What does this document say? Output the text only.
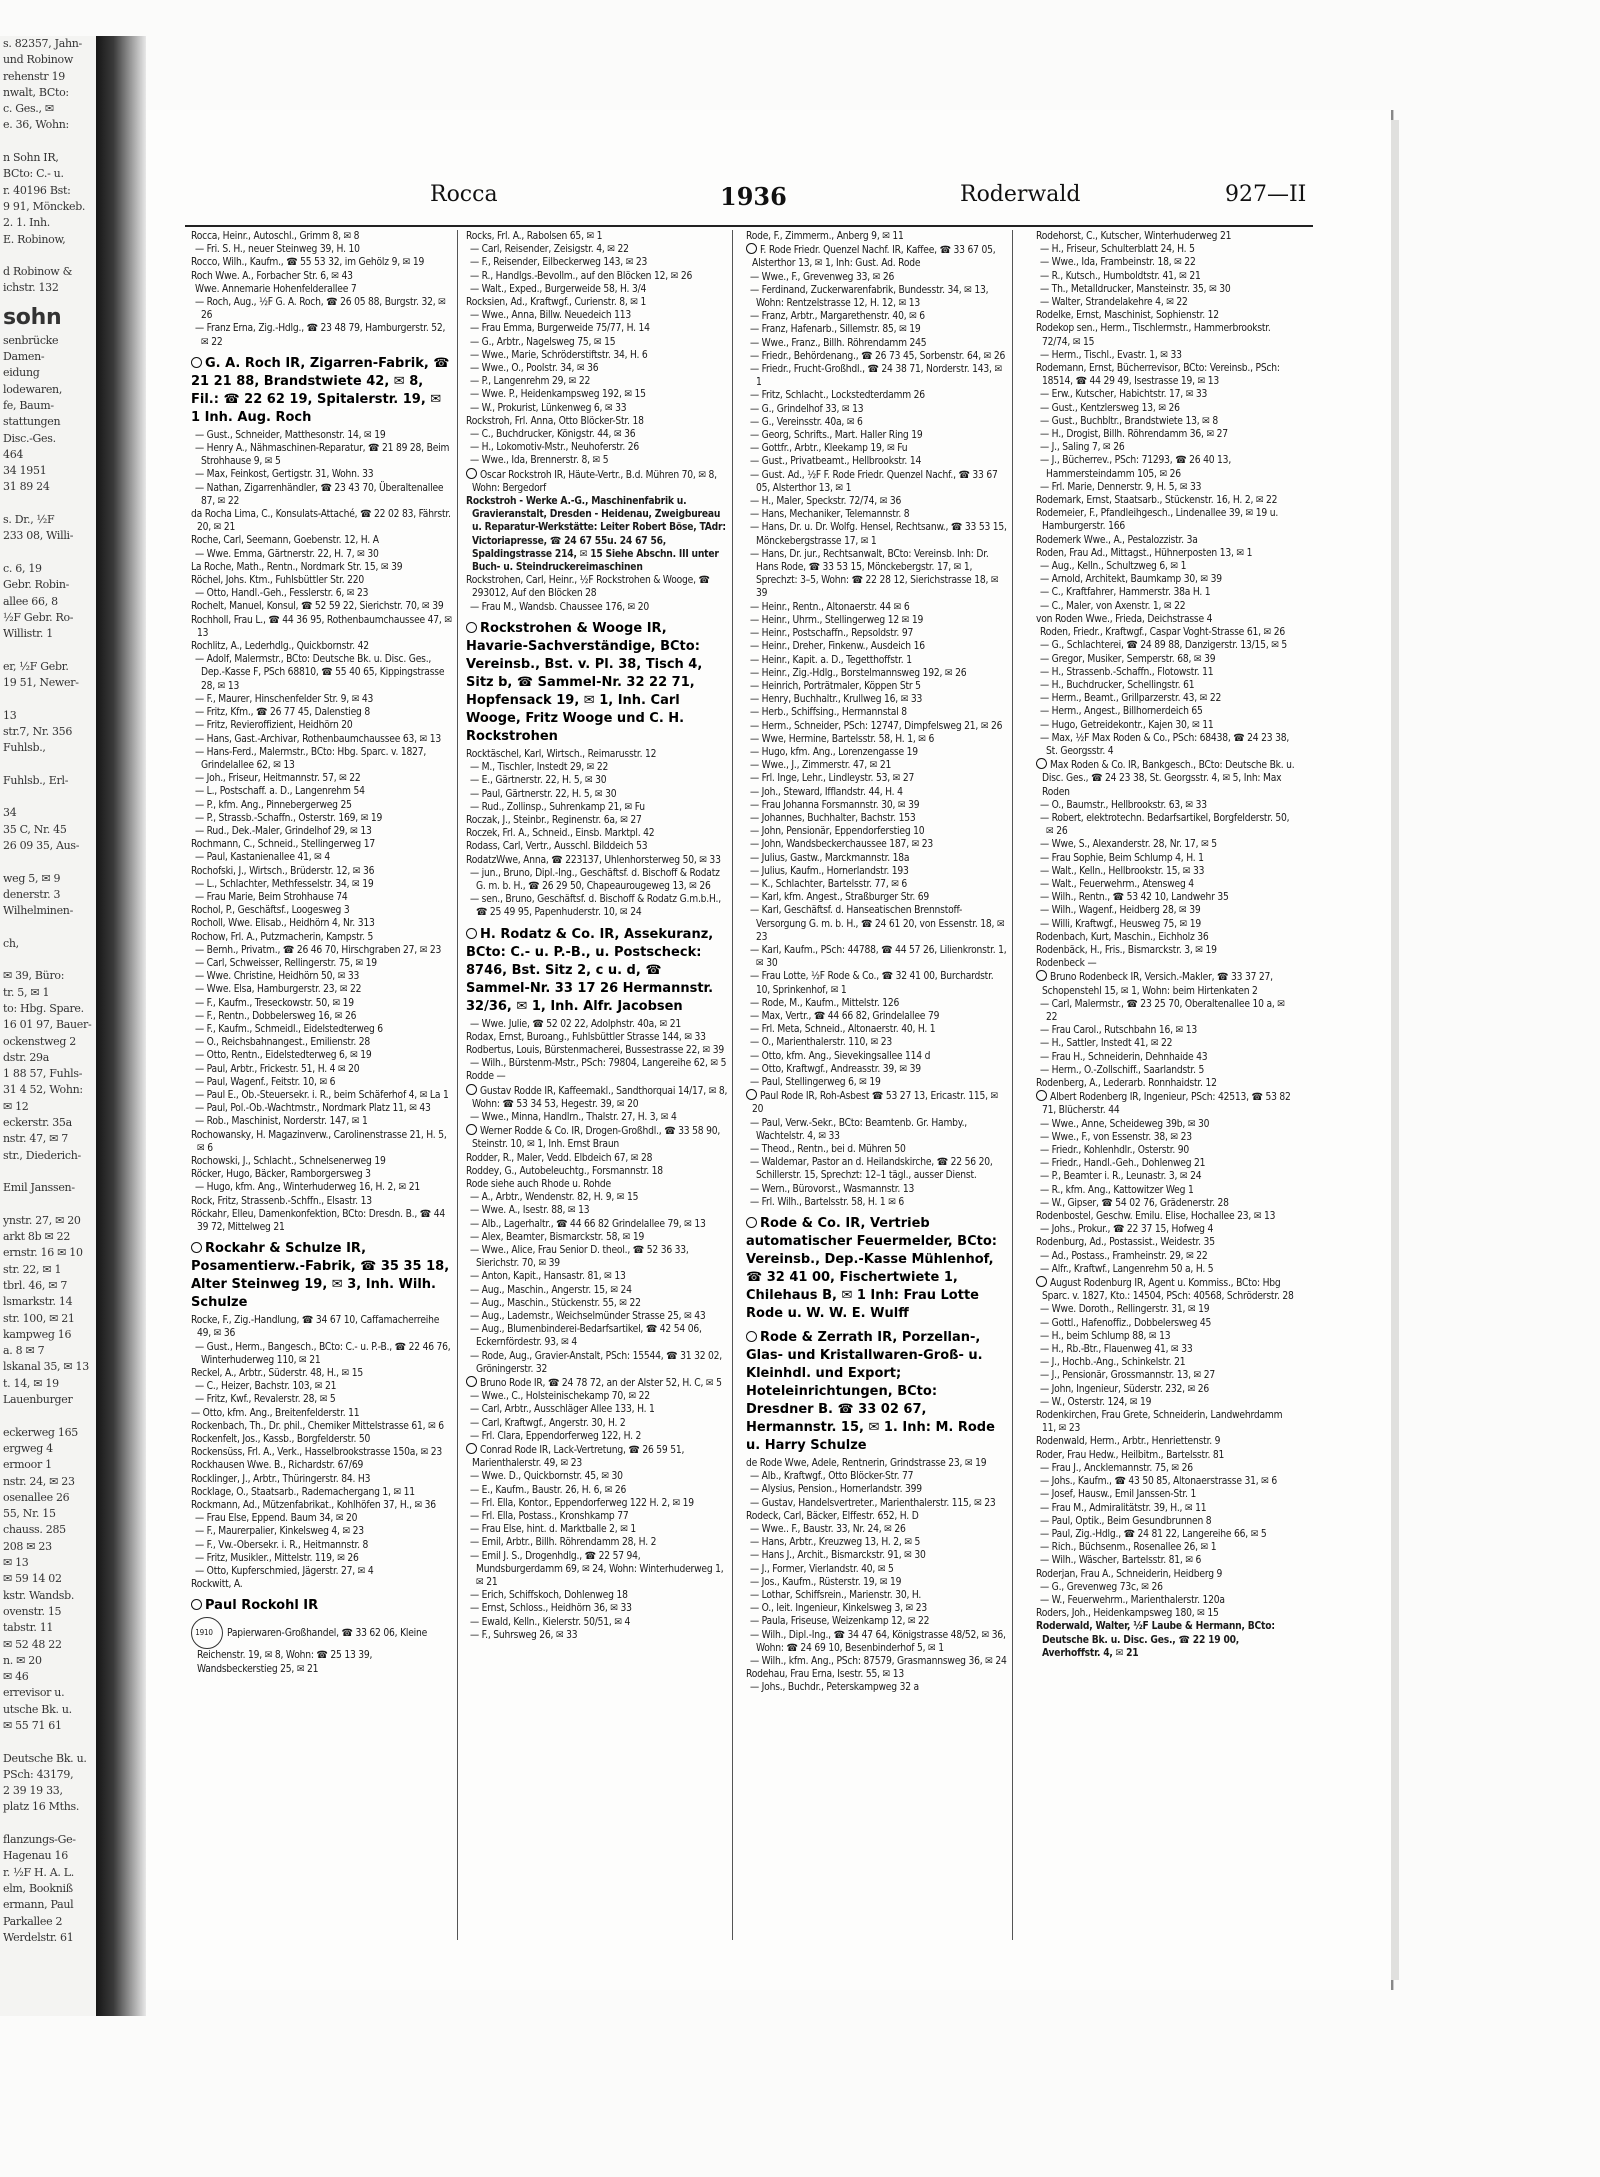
s. 82357, Jahn-
und Robinow
rehenstr 19
nwalt, BCto:
c. Ges., ✉
e. 36, Wohn:

n Sohn IR,
BCto: C.- u.
r. 40196 Bst:
9 91, Mönckeb.
2. 1. Inh.
E. Robinow,

d Robinow &
ichstr. 132
sohn
senbrücke
Damen-
eidung
lodewaren,
fe, Baum-
stattungen
Disc.-Ges.
464
34 1951
31 89 24

s. Dr., ½F
233 08, Willi-

c. 6, 19
Gebr. Robin-
allee 66, 8
½F Gebr. Ro-
Willistr. 1

er, ½F Gebr.
19 51, Newer-

13
str.7, Nr. 356
Fuhlsb.,

Fuhlsb., Erl-

34
35 C, Nr. 45
26 09 35, Aus-

weg 5, ✉ 9
denerstr. 3
Wilhelminen-

ch,

✉ 39, Büro:
tr. 5, ✉ 1
to: Hbg. Spare.
16 01 97, Bauer-
ockenstweg 2
dstr. 29a
1 88 57, Fuhls-
31 4 52, Wohn:
✉ 12
eckerstr. 35a
nstr. 47, ✉ 7
str., Diederich-

Emil Janssen-

ynstr. 27, ✉ 20
arkt 8b ✉ 22
ernstr. 16 ✉ 10
str. 22, ✉ 1
tbrl. 46, ✉ 7
lsmarkstr. 14
str. 100, ✉ 21
kampweg 16
a. 8 ✉ 7
lskanal 35, ✉ 13
t. 14, ✉ 19
Lauenburger

eckerweg 165
ergweg 4
ermoor 1
nstr. 24, ✉ 23
osenallee 26
55, Nr. 15
chauss. 285
208 ✉ 23
✉ 13
✉ 59 14 02
kstr. Wandsb.
ovenstr. 15
tabstr. 11
✉ 52 48 22
n. ✉ 20
✉ 46
errevisor u.
utsche Bk. u.
✉ 55 71 61

Deutsche Bk. u.
PSch: 43179,
2 39 19 33,
platz 16 Mths.

flanzungs-Ge-
Hagenau 16
r. ½F H. A. L.
elm, Bookniß
ermann, Paul
Parkallee 2
Werdelstr. 61
Rocca	1936	Roderwald	927—II
Rocca, Heinr., Autoschl., Grimm 8, ✉ 8
— Fri. S. H., neuer Steinweg 39, H. 10
Rocco, Wilh., Kaufm., ☎ 55 53 32, im Gehölz 9, ✉ 19
Roch Wwe. A., Forbacher Str. 6, ✉ 43
Wwe. Annemarie Hohenfelderallee 7
— Roch, Aug., ½F G. A. Roch, ☎ 26 05 88, Burgstr. 32, ✉ 26
— Franz Erna, Zig.-Hdlg., ☎ 23 48 79, Hamburgerstr. 52, ✉ 22
G. A. Roch IR, Zigarren-Fabrik, ☎ 21 21 88, Brandstwiete 42, ✉ 8, Fil.: ☎ 22 62 19, Spitalerstr. 19, ✉ 1 Inh. Aug. Roch
— Gust., Schneider, Matthesonstr. 14, ✉ 19
— Henry A., Nähmaschinen-Reparatur, ☎ 21 89 28, Beim Strohhause 9, ✉ 5
— Max, Feinkost, Gertigstr. 31, Wohn. 33
— Nathan, Zigarrenhändler, ☎ 23 43 70, Überaltenallee 87, ✉ 22
da Rocha Lima, C., Konsulats-Attaché, ☎ 22 02 83, Fährstr. 20, ✉ 21
Roche, Carl, Seemann, Goebenstr. 12, H. A
— Wwe. Emma, Gärtnerstr. 22, H. 7, ✉ 30
La Roche, Math., Rentn., Nordmark Str. 15, ✉ 39
Röchel, Johs. Ktm., Fuhlsbüttler Str. 220
— Otto, Handl.-Geh., Fesslerstr. 6, ✉ 23
Rochelt, Manuel, Konsul, ☎ 52 59 22, Sierichstr. 70, ✉ 39
Rochholl, Frau L., ☎ 44 36 95, Rothenbaumchaussee 47, ✉ 13
Rochlitz, A., Lederhdlg., Quickbornstr. 42
— Adolf, Malermstr., BCto: Deutsche Bk. u. Disc. Ges., Dep.-Kasse F, PSch 68810, ☎ 55 40 65, Kippingstrasse 28, ✉ 13
— F., Maurer, Hinschenfelder Str. 9, ✉ 43
— Fritz, Kfm., ☎ 26 77 45, Dalenstieg 8
— Fritz, Revieroffizient, Heidhörn 20
— Hans, Gast.-Archivar, Rothenbaumchaussee 63, ✉ 13
— Hans-Ferd., Malermstr., BCto: Hbg. Sparc. v. 1827, Grindelallee 62, ✉ 13
— Joh., Friseur, Heitmannstr. 57, ✉ 22
— L., Postschaff. a. D., Langenrehm 54
— P., kfm. Ang., Pinnebergerweg 25
— P., Strassb.-Schaffn., Osterstr. 169, ✉ 19
— Rud., Dek.-Maler, Grindelhof 29, ✉ 13
Rochmann, C., Schneid., Stellingerweg 17
— Paul, Kastanienallee 41, ✉ 4
Rochofski, J., Wirtsch., Brüderstr. 12, ✉ 36
— L., Schlachter, Methfesselstr. 34, ✉ 19
— Frau Marie, Beim Strohhause 74
Rochol, P., Geschäftsf., Loogesweg 3
Rocholl, Wwe. Elisab., Heidhörn 4, Nr. 313
Rochow, Frl. A., Putzmacherin, Kampstr. 5
— Bernh., Privatm., ☎ 26 46 70, Hirschgraben 27, ✉ 23
— Carl, Schweisser, Rellingerstr. 75, ✉ 19
— Wwe. Christine, Heidhörn 50, ✉ 33
— Wwe. Elsa, Hamburgerstr. 23, ✉ 22
— F., Kaufm., Treseckowstr. 50, ✉ 19
— F., Rentn., Dobbelersweg 16, ✉ 26
— F., Kaufm., Schmeidl., Eidelstedterweg 6
— O., Reichsbahnangest., Emilienstr. 28
— Otto, Rentn., Eidelstedterweg 6, ✉ 19
— Paul, Arbtr., Frickestr. 51, H. 4 ✉ 20
— Paul, Wagenf., Feitstr. 10, ✉ 6
— Paul E., Ob.-Steuersekr. i. R., beim Schäferhof 4, ✉ La 1
— Paul, Pol.-Ob.-Wachtmstr., Nordmark Platz 11, ✉ 43
— Rob., Maschinist, Norderstr. 147, ✉ 1
Rochowansky, H. Magazinverw., Carolinenstrasse 21, H. 5, ✉ 6
Rochowski, J., Schlacht., Schnelsenerweg 19
Röcker, Hugo, Bäcker, Ramborgersweg 3
— Hugo, kfm. Ang., Winterhuderweg 16, H. 2, ✉ 21
Rock, Fritz, Strassenb.-Schffn., Elsastr. 13
Röckahr, Elleu, Damenkonfektion, BCto: Dresdn. B., ☎ 44 39 72, Mittelweg 21
Rockahr & Schulze IR, Posamentierw.-Fabrik, ☎ 35 35 18, Alter Steinweg 19, ✉ 3, Inh. Wilh. Schulze
Rocke, F., Zig.-Handlung, ☎ 34 67 10, Caffamacherreihe 49, ✉ 36
— Gust., Herm., Bangesch., BCto: C.- u. P.-B., ☎ 22 46 76, Winterhuderweg 110, ✉ 21
Reckel, A., Arbtr., Süderstr. 48, H., ✉ 15
— C., Heizer, Bachstr. 103, ✉ 21
— Fritz, Kwf., Revalerstr. 28, ✉ 5
— Otto, kfm. Ang., Breitenfelderstr. 11
Rockenbach, Th., Dr. phil., Chemiker Mittelstrasse 61, ✉ 6
Rockenfelt, Jos., Kassb., Borgfelderstr. 50
Rockensüss, Frl. A., Verk., Hasselbrookstrasse 150a, ✉ 23
Rockhausen Wwe. B., Richardstr. 67/69
Rocklinger, J., Arbtr., Thüringerstr. 84. H3
Rocklage, O., Staatsarb., Rademachergang 1, ✉ 11
Rockmann, Ad., Mützenfabrikat., Kohlhöfen 37, H., ✉ 36
— Frau Else, Eppend. Baum 34, ✉ 20
— F., Maurerpalier, Kinkelsweg 4, ✉ 23
— F., Vw.-Obersekr. i. R., Heitmannstr. 8
— Fritz, Musikler., Mittelstr. 119, ✉ 26
— Otto, Kupferschmied, Jägerstr. 27, ✉ 4
Rockwitt, A.
Paul Rockohl IR
1910 Papierwaren-Großhandel, ☎ 33 62 06, Kleine Reichenstr. 19, ✉ 8, Wohn: ☎ 25 13 39, Wandsbeckerstieg 25, ✉ 21
Rocks, Frl. A., Rabolsen 65, ✉ 1
— Carl, Reisender, Zeisigstr. 4, ✉ 22
— F., Reisender, Eilbeckerweg 143, ✉ 23
— R., Handlgs.-Bevollm., auf den Blöcken 12, ✉ 26
— Walt., Exped., Burgerweide 58, H. 3/4
Rocksien, Ad., Kraftwgf., Curienstr. 8, ✉ 1
— Wwe., Anna, Billw. Neuedeich 113
— Frau Emma, Burgerweide 75/77, H. 14
— G., Arbtr., Nagelsweg 75, ✉ 15
— Wwe., Marie, Schröderstiftstr. 34, H. 6
— Wwe., O., Poolstr. 34, ✉ 36
— P., Langenrehm 29, ✉ 22
— Wwe. P., Heidenkampsweg 192, ✉ 15
— W., Prokurist, Lünkenweg 6, ✉ 33
Rockstroh, Frl. Anna, Otto Blöcker-Str. 18
— C., Buchdrucker, Königstr. 44, ✉ 36
— H., Lokomotiv-Mstr., Neuhoferstr. 26
— Wwe., Ida, Brennerstr. 8, ✉ 5
Oscar Rockstroh IR, Häute-Vertr., B.d. Mühren 70, ✉ 8, Wohn: Bergedorf
Rockstroh - Werke A.-G., Maschinenfabrik u. Gravieranstalt, Dresden - Heidenau, Zweigbureau u. Reparatur-Werkstätte: Leiter Robert Böse, TAdr: Victoriapresse, ☎ 24 67 55u. 24 67 56, Spaldingstrasse 214, ✉ 15 Siehe Abschn. III unter Buch- u. Steindruckereimaschinen
Rockstrohen, Carl, Heinr., ½F Rockstrohen & Wooge, ☎ 293012, Auf den Blöcken 28
— Frau M., Wandsb. Chaussee 176, ✉ 20
Rockstrohen & Wooge IR, Havarie-Sachverständige, BCto: Vereinsb., Bst. v. Pl. 38, Tisch 4, Sitz b, ☎ Sammel-Nr. 32 22 71, Hopfensack 19, ✉ 1, Inh. Carl Wooge, Fritz Wooge und C. H. Rockstrohen
Rocktäschel, Karl, Wirtsch., Reimarusstr. 12
— M., Tischler, Instedt 29, ✉ 22
— E., Gärtnerstr. 22, H. 5, ✉ 30
— Paul, Gärtnerstr. 22, H. 5, ✉ 30
— Rud., Zollinsp., Suhrenkamp 21, ✉ Fu
Roczak, J., Steinbr., Reginenstr. 6a, ✉ 27
Roczek, Frl. A., Schneid., Einsb. Marktpl. 42
Rodass, Carl, Vertr., Ausschl. Bilddeich 53
RodatzWwe, Anna, ☎ 223137, Uhlenhorsterweg 50, ✉ 33
— jun., Bruno, Dipl.-Ing., Geschäftsf. d. Bischoff & Rodatz G. m. b. H., ☎ 26 29 50, Chapeaurougeweg 13, ✉ 26
— sen., Bruno, Geschäftsf. d. Bischoff & Rodatz G.m.b.H., ☎ 25 49 95, Papenhuderstr. 10, ✉ 24
H. Rodatz & Co. IR, Assekuranz, BCto: C.- u. P.-B., u. Postscheck: 8746, Bst. Sitz 2, c u. d, ☎ Sammel-Nr. 33 17 26 Hermannstr. 32/36, ✉ 1, Inh. Alfr. Jacobsen
— Wwe. Julie, ☎ 52 02 22, Adolphstr. 40a, ✉ 21
Rodax, Ernst, Buroang., Fuhlsbüttler Strasse 144, ✉ 33
Rodbertus, Louis, Bürstenmacherei, Bussestrasse 22, ✉ 39
— Wilh., Bürstenm-Mstr., PSch: 79804, Langereihe 62, ✉ 5
Rodde —
Gustav Rodde IR, Kaffeemakl., Sandthorquai 14/17, ✉ 8, Wohn: ☎ 53 34 53, Hegestr. 39, ✉ 20
— Wwe., Minna, Handlrn., Thalstr. 27, H. 3, ✉ 4
Werner Rodde & Co. IR, Drogen-Großhdl., ☎ 33 58 90, Steinstr. 10, ✉ 1, Inh. Ernst Braun
Rodder, R., Maler, Vedd. Elbdeich 67, ✉ 28
Roddey, G., Autobeleuchtg., Forsmannstr. 18
Rode siehe auch Rhode u. Rohde
— A., Arbtr., Wendenstr. 82, H. 9, ✉ 15
— Wwe. A., Isestr. 88, ✉ 13
— Alb., Lagerhaltr., ☎ 44 66 82 Grindelallee 79, ✉ 13
— Alex, Beamter, Bismarckstr. 58, ✉ 19
— Wwe., Alice, Frau Senior D. theol., ☎ 52 36 33, Sierichstr. 70, ✉ 39
— Anton, Kapit., Hansastr. 81, ✉ 13
— Aug., Maschin., Angerstr. 15, ✉ 24
— Aug., Maschin., Stückenstr. 55, ✉ 22
— Aug., Lademstr., Weichselmünder Strasse 25, ✉ 43
— Aug., Blumenbinderei-Bedarfsartikel, ☎ 42 54 06, Eckernfördestr. 93, ✉ 4
— Rode, Aug., Gravier-Anstalt, PSch: 15544, ☎ 31 32 02, Gröningerstr. 32
Bruno Rode IR, ☎ 24 78 72, an der Alster 52, H. C, ✉ 5
— Wwe., C., Holsteinischekamp 70, ✉ 22
— Carl, Arbtr., Ausschläger Allee 133, H. 1
— Carl, Kraftwgf., Angerstr. 30, H. 2
— Frl. Clara, Eppendorferweg 122, H. 2
Conrad Rode IR, Lack-Vertretung, ☎ 26 59 51, Marienthalerstr. 49, ✉ 23
— Wwe. D., Quickbornstr. 45, ✉ 30
— E., Kaufm., Baustr. 26, H. 6, ✉ 26
— Frl. Ella, Kontor., Eppendorferweg 122 H. 2, ✉ 19
— Frl. Ella, Postass., Kronshkamp 77
— Frau Else, hint. d. Marktballe 2, ✉ 1
— Emil, Arbtr., Billh. Röhrendamm 28, H. 2
— Emil J. S., Drogenhdlg., ☎ 22 57 94, Mundsburgerdamm 69, ✉ 24, Wohn: Winterhuderweg 1, ✉ 21
— Erich, Schiffskoch, Dohlenweg 18
— Ernst, Schloss., Heidhörn 36, ✉ 33
— Ewald, Kelln., Kielerstr. 50/51, ✉ 4
— F., Suhrsweg 26, ✉ 33
Rode, F., Zimmerm., Anberg 9, ✉ 11
F. Rode Friedr. Quenzel Nachf. IR, Kaffee, ☎ 33 67 05, Alsterthor 13, ✉ 1, Inh: Gust. Ad. Rode
— Wwe., F., Grevenweg 33, ✉ 26
— Ferdinand, Zuckerwarenfabrik, Bundesstr. 34, ✉ 13, Wohn: Rentzelstrasse 12, H. 12, ✉ 13
— Franz, Arbtr., Margarethenstr. 40, ✉ 6
— Franz, Hafenarb., Sillemstr. 85, ✉ 19
— Wwe., Franz., Billh. Röhrendamm 245
— Friedr., Behördenang., ☎ 26 73 45, Sorbenstr. 64, ✉ 26
— Friedr., Frucht-Großhdl., ☎ 24 38 71, Norderstr. 143, ✉ 1
— Fritz, Schlacht., Lockstedterdamm 26
— G., Grindelhof 33, ✉ 13
— G., Vereinsstr. 40a, ✉ 6
— Georg, Schrifts., Mart. Haller Ring 19
— Gottfr., Arbtr., Kleekamp 19, ✉ Fu
— Gust., Privatbeamt., Hellbrookstr. 14
— Gust. Ad., ½F F. Rode Friedr. Quenzel Nachf., ☎ 33 67 05, Alsterthor 13, ✉ 1
— H., Maler, Speckstr. 72/74, ✉ 36
— Hans, Mechaniker, Telemannstr. 8
— Hans, Dr. u. Dr. Wolfg. Hensel, Rechtsanw., ☎ 33 53 15, Mönckebergstrasse 17, ✉ 1
— Hans, Dr. jur., Rechtsanwalt, BCto: Vereinsb. Inh: Dr. Hans Rode, ☎ 33 53 15, Mönckebergstr. 17, ✉ 1, Sprechzt: 3–5, Wohn: ☎ 22 28 12, Sierichstrasse 18, ✉ 39
— Heinr., Rentn., Altonaerstr. 44 ✉ 6
— Heinr., Uhrm., Stellingerweg 12 ✉ 19
— Heinr., Postschaffn., Repsoldstr. 97
— Heinr., Dreher, Finkenw., Ausdeich 16
— Heinr., Kapit. a. D., Tegetthoffstr. 1
— Heinr., Zig.-Hdlg., Borstelmannsweg 192, ✉ 26
— Heinrich, Porträtmaler, Köppen Str 5
— Henry, Buchhaltr., Krullweg 16, ✉ 33
— Herb., Schiffsing., Hermannstal 8
— Herm., Schneider, PSch: 12747, Dimpfelsweg 21, ✉ 26
— Wwe, Hermine, Bartelsstr. 58, H. 1, ✉ 6
— Hugo, kfm. Ang., Lorenzengasse 19
— Wwe., J., Zimmerstr. 47, ✉ 21
— Frl. Inge, Lehr., Lindleystr. 53, ✉ 27
— Joh., Steward, Ifflandstr. 44, H. 4
— Frau Johanna Forsmannstr. 30, ✉ 39
— Johannes, Buchhalter, Bachstr. 153
— John, Pensionär, Eppendorferstieg 10
— John, Wandsbeckerchaussee 187, ✉ 23
— Julius, Gastw., Marckmannstr. 18a
— Julius, Kaufm., Hornerlandstr. 193
— K., Schlachter, Bartelsstr. 77, ✉ 6
— Karl, kfm. Angest., Straßburger Str. 69
— Karl, Geschäftsf. d. Hanseatischen Brennstoff-Versorgung G. m. b. H., ☎ 24 61 20, von Essenstr. 18, ✉ 23
— Karl, Kaufm., PSch: 44788, ☎ 44 57 26, Lilienkronstr. 1, ✉ 30
— Frau Lotte, ½F Rode & Co., ☎ 32 41 00, Burchardstr. 10, Sprinkenhof, ✉ 1
— Rode, M., Kaufm., Mittelstr. 126
— Max, Vertr., ☎ 44 66 82, Grindelallee 79
— Frl. Meta, Schneid., Altonaerstr. 40, H. 1
— O., Marienthalerstr. 110, ✉ 23
— Otto, kfm. Ang., Sievekingsallee 114 d
— Otto, Kraftwgf., Andreasstr. 39, ✉ 39
— Paul, Stellingerweg 6, ✉ 19
Paul Rode IR, Roh-Asbest ☎ 53 27 13, Ericastr. 115, ✉ 20
— Paul, Verw.-Sekr., BCto: Beamtenb. Gr. Hamby., Wachtelstr. 4, ✉ 33
— Theod., Rentn., bei d. Mühren 50
— Waldemar, Pastor an d. Heilandskirche, ☎ 22 56 20, Schillerstr. 15, Sprechzt: 12–1 tägl., ausser Dienst.
— Wern., Bürovorst., Wasmannstr. 13
— Frl. Wilh., Bartelsstr. 58, H. 1 ✉ 6
Rode & Co. IR, Vertrieb automatischer Feuermelder, BCto: Vereinsb., Dep.-Kasse Mühlenhof, ☎ 32 41 00, Fischertwiete 1, Chilehaus B, ✉ 1 Inh: Frau Lotte Rode u. W. W. E. Wulff
Rode & Zerrath IR, Porzellan-, Glas- und Kristallwaren-Groß- u. Kleinhdl. und Export; Hoteleinrichtungen, BCto: Dresdner B. ☎ 33 02 67, Hermannstr. 15, ✉ 1. Inh: M. Rode u. Harry Schulze
de Rode Wwe, Adele, Rentnerin, Grindstrasse 23, ✉ 19
— Alb., Kraftwgf., Otto Blöcker-Str. 77
— Alysius, Pension., Hornerlandstr. 399
— Gustav, Handelsvertreter., Marienthalerstr. 115, ✉ 23
Rodeck, Carl, Bäcker, Elffestr. 652, H. D
— Wwe.. F., Baustr. 33, Nr. 24, ✉ 26
— Hans, Arbtr., Kreuzweg 13, H. 2, ✉ 5
— Hans J., Archit., Bismarckstr. 91, ✉ 30
— J., Former, Vierlandstr. 40, ✉ 5
— Jos., Kaufm., Rüsterstr. 19, ✉ 19
— Lothar, Schiffsrein., Marienstr. 30, H.
— O., leit. Ingenieur, Kinkelsweg 3, ✉ 23
— Paula, Friseuse, Weizenkamp 12, ✉ 22
— Wilh., Dipl.-Ing., ☎ 34 47 64, Königstrasse 48/52, ✉ 36, Wohn: ☎ 24 69 10, Besenbinderhof 5, ✉ 1
— Wilh., kfm. Ang., PSch: 87579, Grasmannsweg 36, ✉ 24
Rodehau, Frau Erna, Isestr. 55, ✉ 13
— Johs., Buchdr., Peterskampweg 32 a
Rodehorst, C., Kutscher, Winterhuderweg 21
— H., Friseur, Schulterblatt 24, H. 5
— Wwe., Ida, Frambeinstr. 18, ✉ 22
— R., Kutsch., Humboldtstr. 41, ✉ 21
— Th., Metalldrucker, Mansteinstr. 35, ✉ 30
— Walter, Strandelakehre 4, ✉ 22
Rodelke, Ernst, Maschinist, Sophienstr. 12
Rodekop sen., Herm., Tischlermstr., Hammerbrookstr. 72/74, ✉ 15
— Herm., Tischl., Evastr. 1, ✉ 33
Rodemann, Ernst, Bücherrevisor, BCto: Vereinsb., PSch: 18514, ☎ 44 29 49, Isestrasse 19, ✉ 13
— Erw., Kutscher, Habichtstr. 17, ✉ 33
— Gust., Kentzlersweg 13, ✉ 26
— Gust., Buchbltr., Brandstwiete 13, ✉ 8
— H., Drogist, Billh. Röhrendamm 36, ✉ 27
— J., Saling 7, ✉ 26
— J., Bücherrev., PSch: 71293, ☎ 26 40 13, Hammersteindamm 105, ✉ 26
— Frl. Marie, Dennerstr. 9, H. 5, ✉ 33
Rodemark, Ernst, Staatsarb., Stückenstr. 16, H. 2, ✉ 22
Rodemeier, F., Pfandleihgesch., Lindenallee 39, ✉ 19 u. Hamburgerstr. 166
Rodemerk Wwe., A., Pestalozzistr. 3a
Roden, Frau Ad., Mittagst., Hühnerposten 13, ✉ 1
— Aug., Kelln., Schultzweg 6, ✉ 1
— Arnold, Architekt, Baumkamp 30, ✉ 39
— C., Kraftfahrer, Hammerstr. 38a H. 1
— C., Maler, von Axenstr. 1, ✉ 22
von Roden Wwe., Frieda, Deichstrasse 4
Roden, Friedr., Kraftwgf., Caspar Voght-Strasse 61, ✉ 26
— G., Schlachterei, ☎ 24 89 88, Danzigerstr. 13/15, ✉ 5
— Gregor, Musiker, Semperstr. 68, ✉ 39
— H., Strassenb.-Schaffn., Flotowstr. 11
— H., Buchdrucker, Schellingstr. 61
— Herm., Beamt., Grillparzerstr. 43, ✉ 22
— Herm., Angest., Billhornerdeich 65
— Hugo, Getreidekontr., Kajen 30, ✉ 11
— Max, ½F Max Roden & Co., PSch: 68438, ☎ 24 23 38, St. Georgsstr. 4
Max Roden & Co. IR, Bankgesch., BCto: Deutsche Bk. u. Disc. Ges., ☎ 24 23 38, St. Georgsstr. 4, ✉ 5, Inh: Max Roden
— O., Baumstr., Hellbrookstr. 63, ✉ 33
— Robert, elektrotechn. Bedarfsartikel, Borgfelderstr. 50, ✉ 26
— Wwe, S., Alexanderstr. 28, Nr. 17, ✉ 5
— Frau Sophie, Beim Schlump 4, H. 1
— Walt., Kelln., Hellbrookstr. 15, ✉ 33
— Walt., Feuerwehrm., Atensweg 4
— Wilh., Rentn., ☎ 53 42 10, Landwehr 35
— Wilh., Wagenf., Heidberg 28, ✉ 39
— Willi, Kraftwgf., Heusweg 75, ✉ 19
Rodenbach, Kurt, Maschin., Eichholz 36
Rodenbäck, H., Fris., Bismarckstr. 3, ✉ 19
Rodenbeck —
Bruno Rodenbeck IR, Versich.-Makler, ☎ 33 37 27, Schopenstehl 15, ✉ 1, Wohn: beim Hirtenkaten 2
— Carl, Malermstr., ☎ 23 25 70, Oberaltenallee 10 a, ✉ 22
— Frau Carol., Rutschbahn 16, ✉ 13
— H., Sattler, Instedt 41, ✉ 22
— Frau H., Schneiderin, Dehnhaide 43
— Herm., O.-Zollschiff., Saarlandstr. 5
Rodenberg, A., Lederarb. Ronnhaidstr. 12
Albert Rodenberg IR, Ingenieur, PSch: 42513, ☎ 53 82 71, Blücherstr. 44
— Wwe., Anne, Scheideweg 39b, ✉ 30
— Wwe., F., von Essenstr. 38, ✉ 23
— Friedr., Kohlenhdlr., Osterstr. 90
— Friedr., Handl.-Geh., Dohlenweg 21
— P., Beamter i. R., Leunastr. 3, ✉ 24
— R., kfm. Ang., Kattowitzer Weg 1
— W., Gipser, ☎ 54 02 76, Grädenerstr. 28
Rodenbostel, Geschw. Emilu. Elise, Hochallee 23, ✉ 13
— Johs., Prokur., ☎ 22 37 15, Hofweg 4
Rodenburg, Ad., Postassist., Weidestr. 35
— Ad., Postass., Framheinstr. 29, ✉ 22
— Alfr., Kraftwf., Langenrehm 50 a, H. 5
August Rodenburg IR, Agent u. Kommiss., BCto: Hbg Sparc. v. 1827, Kto.: 14504, PSch: 40568, Schröderstr. 28
— Wwe. Doroth., Rellingerstr. 31, ✉ 19
— Gottl., Hafenoffiz., Dobbelersweg 45
— H., beim Schlump 88, ✉ 13
— H., Rb.-Btr., Flauenweg 41, ✉ 33
— J., Hochb.-Ang., Schinkelstr. 21
— J., Pensionär, Grossmannstr. 13, ✉ 27
— John, Ingenieur, Süderstr. 232, ✉ 26
— W., Osterstr. 124, ✉ 19
Rodenkirchen, Frau Grete, Schneiderin, Landwehrdamm 11, ✉ 23
Rodenwald, Herm., Arbtr., Henriettenstr. 9
Roder, Frau Hedw., Heilbitm., Bartelsstr. 81
— Frau J., Ancklemannstr. 75, ✉ 26
— Johs., Kaufm., ☎ 43 50 85, Altonaerstrasse 31, ✉ 6
— Josef, Hausw., Emil Janssen-Str. 1
— Frau M., Admiralitätstr. 39, H., ✉ 11
— Paul, Optik., Beim Gesundbrunnen 8
— Paul, Zig.-Hdlg., ☎ 24 81 22, Langereihe 66, ✉ 5
— Rich., Büchsenm., Rosenallee 26, ✉ 1
— Wilh., Wäscher, Bartelsstr. 81, ✉ 6
Roderjan, Frau A., Schneiderin, Heidberg 9
— G., Grevenweg 73c, ✉ 26
— W., Feuerwehrm., Marienthalerstr. 120a
Roders, Joh., Heidenkampsweg 180, ✉ 15
Roderwald, Walter, ½F Laube & Hermann, BCto: Deutsche Bk. u. Disc. Ges., ☎ 22 19 00, Averhoffstr. 4, ✉ 21
